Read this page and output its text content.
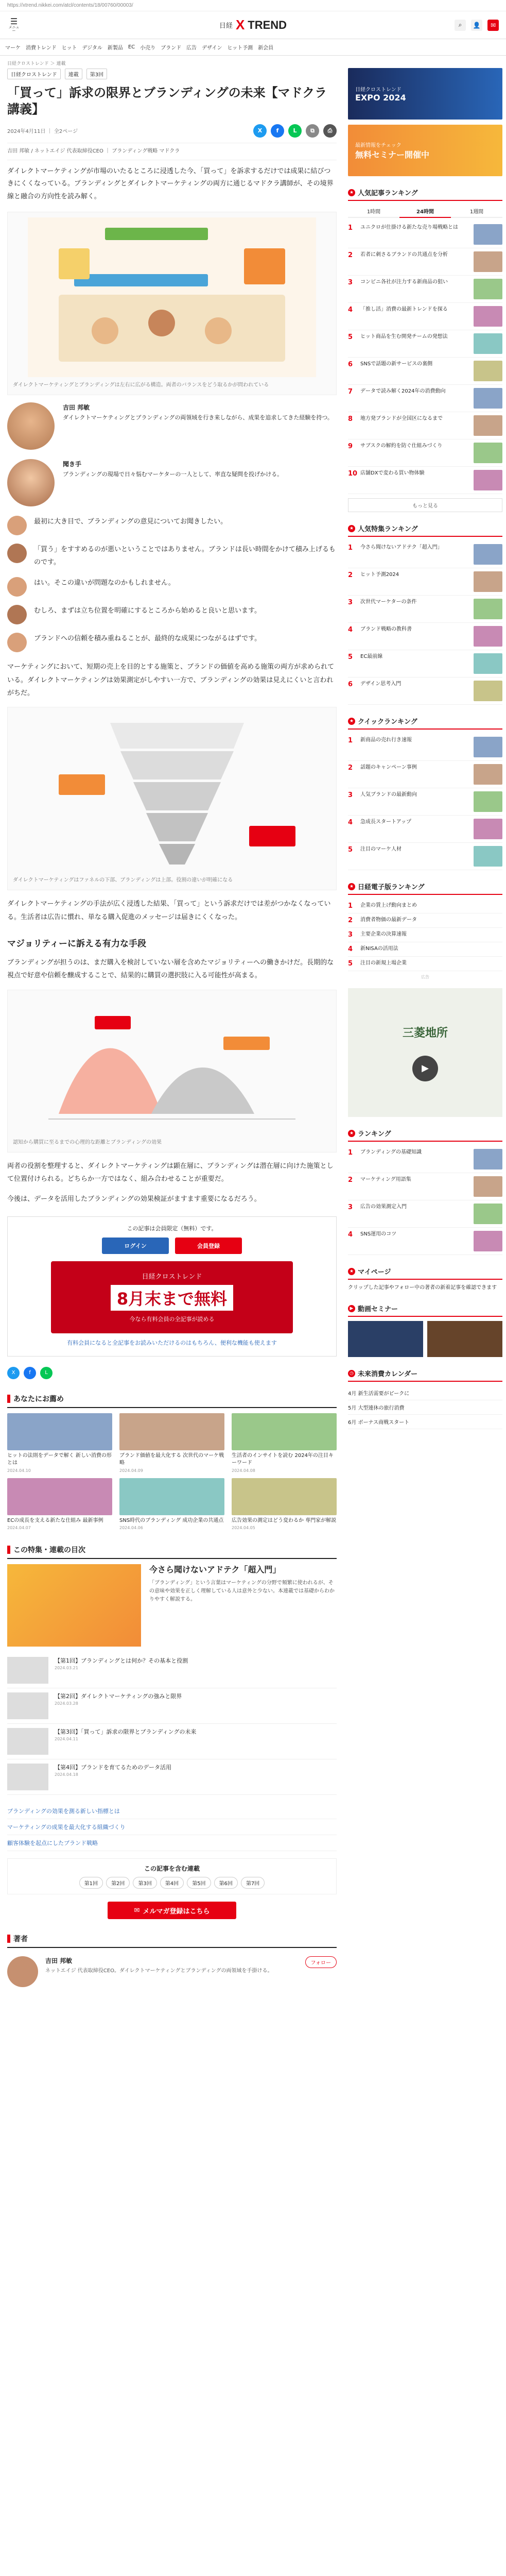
https://xtrend.nikkei.com/atcl/contents/18/00760/00003/
☰
メニュー
日経 X TREND	⌕	👤	✉
マーケ 消費トレンド ヒット デジタル 新製品 EC 小売り ブランド 広告 デザイン ヒット予測 新会員
日経クロストレンド ＞ 連載
日経クロストレンド	連載	第3回
「買って」訴求の限界とブランディングの未来【マドクラ講義】
2024年4月11日 ｜ 全2ページ	X	f	L	⧉	⎙
吉田 邦敏 / ネットエイジ 代表取締役CEO ｜ ブランディング戦略 マドクラ

ダイレクトマーケティングが市場のいたるところに浸透した今、「買って」を訴求するだけでは成果に結びつきにくくなっている。ブランディングとダイレクトマーケティングの両方に通じるマドクラ講師が、その境界線と融合の方向性を読み解く。

ダイレクトマーケティングとブランディングは左右に広がる構造。両者のバランスをどう取るかが問われている
吉田 邦敏

ダイレクトマーケティングとブランディングの両領域を行き来しながら、成果を追求してきた経験を持つ。

聞き手

ブランディングの現場で日々悩むマーケターの一人として、率直な疑問を投げかける。

最初に大き目で、ブランディングの意見についてお聞きしたい。

「買う」をすすめるのが悪いということではありません。ブランドは長い時間をかけて積み上げるものです。

はい。そこの違いが問題なのかもしれません。

むしろ、まずは立ち位置を明確にするところから始めると良いと思います。

ブランドへの信頼を積み重ねることが、最終的な成果につながるはずです。

マーケティングにおいて、短期の売上を目的とする施策と、ブランドの価値を高める施策の両方が求められている。ダイレクトマーケティングは効果測定がしやすい一方で、ブランディングの効果は見えにくいと言われがちだ。

ダイレクトマーケティングはファネルの下部、ブランディングは上部。役割の違いが明確になる

ダイレクトマーケティングの手法が広く浸透した結果、「買って」という訴求だけでは差がつかなくなっている。生活者は広告に慣れ、単なる購入促進のメッセージは届きにくくなった。

マジョリティーに訴える有力な手段

ブランディングが担うのは、まだ購入を検討していない層を含めたマジョリティーへの働きかけだ。長期的な視点で好意や信頼を醸成することで、結果的に購買の選択肢に入る可能性が高まる。

認知から購買に至るまでの心理的な距離とブランディングの効果

両者の役割を整理すると、ダイレクトマーケティングは顕在層に、ブランディングは潜在層に向けた施策として位置付けられる。どちらか一方ではなく、組み合わせることが重要だ。

今後は、データを活用したブランディングの効果検証がますます重要になるだろう。

この記事は会員限定（無料）です。
ログイン	会員登録
日経クロストレンド
8月末まで無料
今なら有料会員の全記事が読める
有料会員になると全記事をお読みいただけるのはもちろん、便利な機能も使えます
X	f	L
あなたにお薦め

ヒットの法則をデータで解く 新しい消費の形とは

2024.04.10

ブランド価値を最大化する 次世代のマーケ戦略

2024.04.09

生活者のインサイトを読む 2024年の注目キーワード

2024.04.08

ECの成長を支える新たな仕組み 最新事例

2024.04.07

SNS時代のブランディング 成功企業の共通点

2024.04.06

広告効果の測定はどう変わるか 専門家が解説

2024.04.05
この特集・連載の目次
今さら聞けないアドテク「超入門」

「ブランディング」という言葉はマーケティングの分野で頻繁に使われるが、その意味や効果を正しく理解している人は意外と少ない。本連載では基礎からわかりやすく解説する。

【第1回】ブランディングとは何か？その基本と役割

2024.03.21

【第2回】ダイレクトマーケティングの強みと限界

2024.03.28

【第3回】「買って」訴求の限界とブランディングの未来

2024.04.11

【第4回】ブランドを育てるためのデータ活用

2024.04.18
ブランディングの効果を測る新しい指標とは
マーケティングの成果を最大化する組織づくり
顧客体験を起点にしたブランド戦略
この記事を含む連載
第1回	第2回	第3回	第4回	第5回	第6回	第7回
✉ メルマガ登録はこちら
著者
吉田 邦敏

ネットエイジ 代表取締役CEO。ダイレクトマーケティングとブランディングの両領域を手掛ける。

フォロー
日経クロストレンド
EXPO 2024
最新情報をチェック
無料セミナー開催中
★ 人気記事ランキング
1時間	24時間	1週間
1	ユニクロが仕掛ける新たな売り場戦略とは
2	若者に刺さるブランドの共通点を分析
3	コンビニ各社が注力する新商品の狙い
4	「推し活」消費の最新トレンドを探る
5	ヒット商品を生む開発チームの発想法
6	SNSで話題の新サービスの裏側
7	データで読み解く2024年の消費動向
8	地方発ブランドが全国区になるまで
9	サブスクの解約を防ぐ仕組みづくり
10 店舗DXで変わる買い物体験
もっと見る
★ 人気特集ランキング
1	今さら聞けないアドテク「超入門」
2	ヒット予測2024
3	次世代マーケターの条件
4	ブランド戦略の教科書
5	EC最前線
6	デザイン思考入門
★ クイックランキング
1	新商品の売れ行き速報
2	話題のキャンペーン事例
3	人気ブランドの最新動向
4	急成長スタートアップ
5	注目のマーケ人材
★ 日経電子版ランキング
1	企業の賃上げ動向まとめ
2	消費者物価の最新データ
3	主要企業の決算速報
4	新NISAの活用法
5	注目の新規上場企業
広告
三菱地所
▶
★ ランキング
1	ブランディングの基礎知識
2	マーケティング用語集
3	広告の効果測定入門
4	SNS運用のコツ
★ マイページ

クリップした記事やフォロー中の著者の新着記事を確認できます

▶ 動画セミナー
◷ 未来消費カレンダー
4月 新生活需要がピークに
5月 大型連休の旅行消費
6月 ボーナス商戦スタート
